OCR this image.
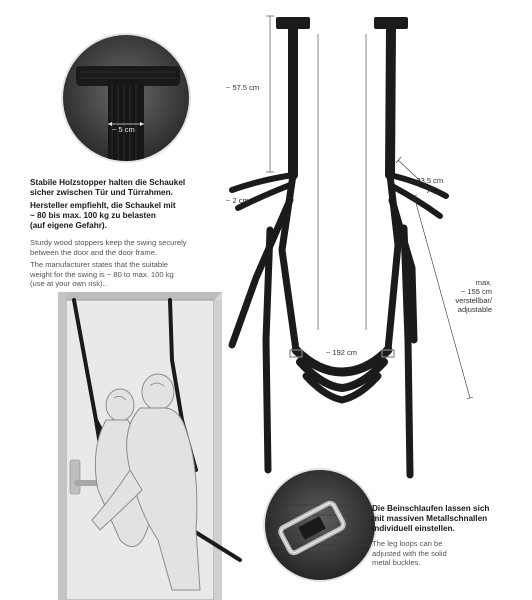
~ 5 cm
Stabile Holzstopper halten die Schaukel
sicher zwischen Tür und Türrahmen.
Hersteller empfiehlt, die Schaukel mit
~ 80 bis max. 100 kg zu belasten
(auf eigene Gefahr).
Sturdy wood stoppers keep the swing securely
between the door and the door frame.
The manufacturer states that the suitable
weight for the swing is ~ 80 to max. 100 kg
(use at your own risk)..
~ 57.5 cm
~ 2 cm
~ 33.5 cm
~ 192 cm
max.
~ 155 cm
verstellbar/
adjustable
Die Beinschlaufen lassen sich
mit massiven Metallschnallen
individuell einstellen.
The leg loops can be
adjusted with the solid
metal buckles.
